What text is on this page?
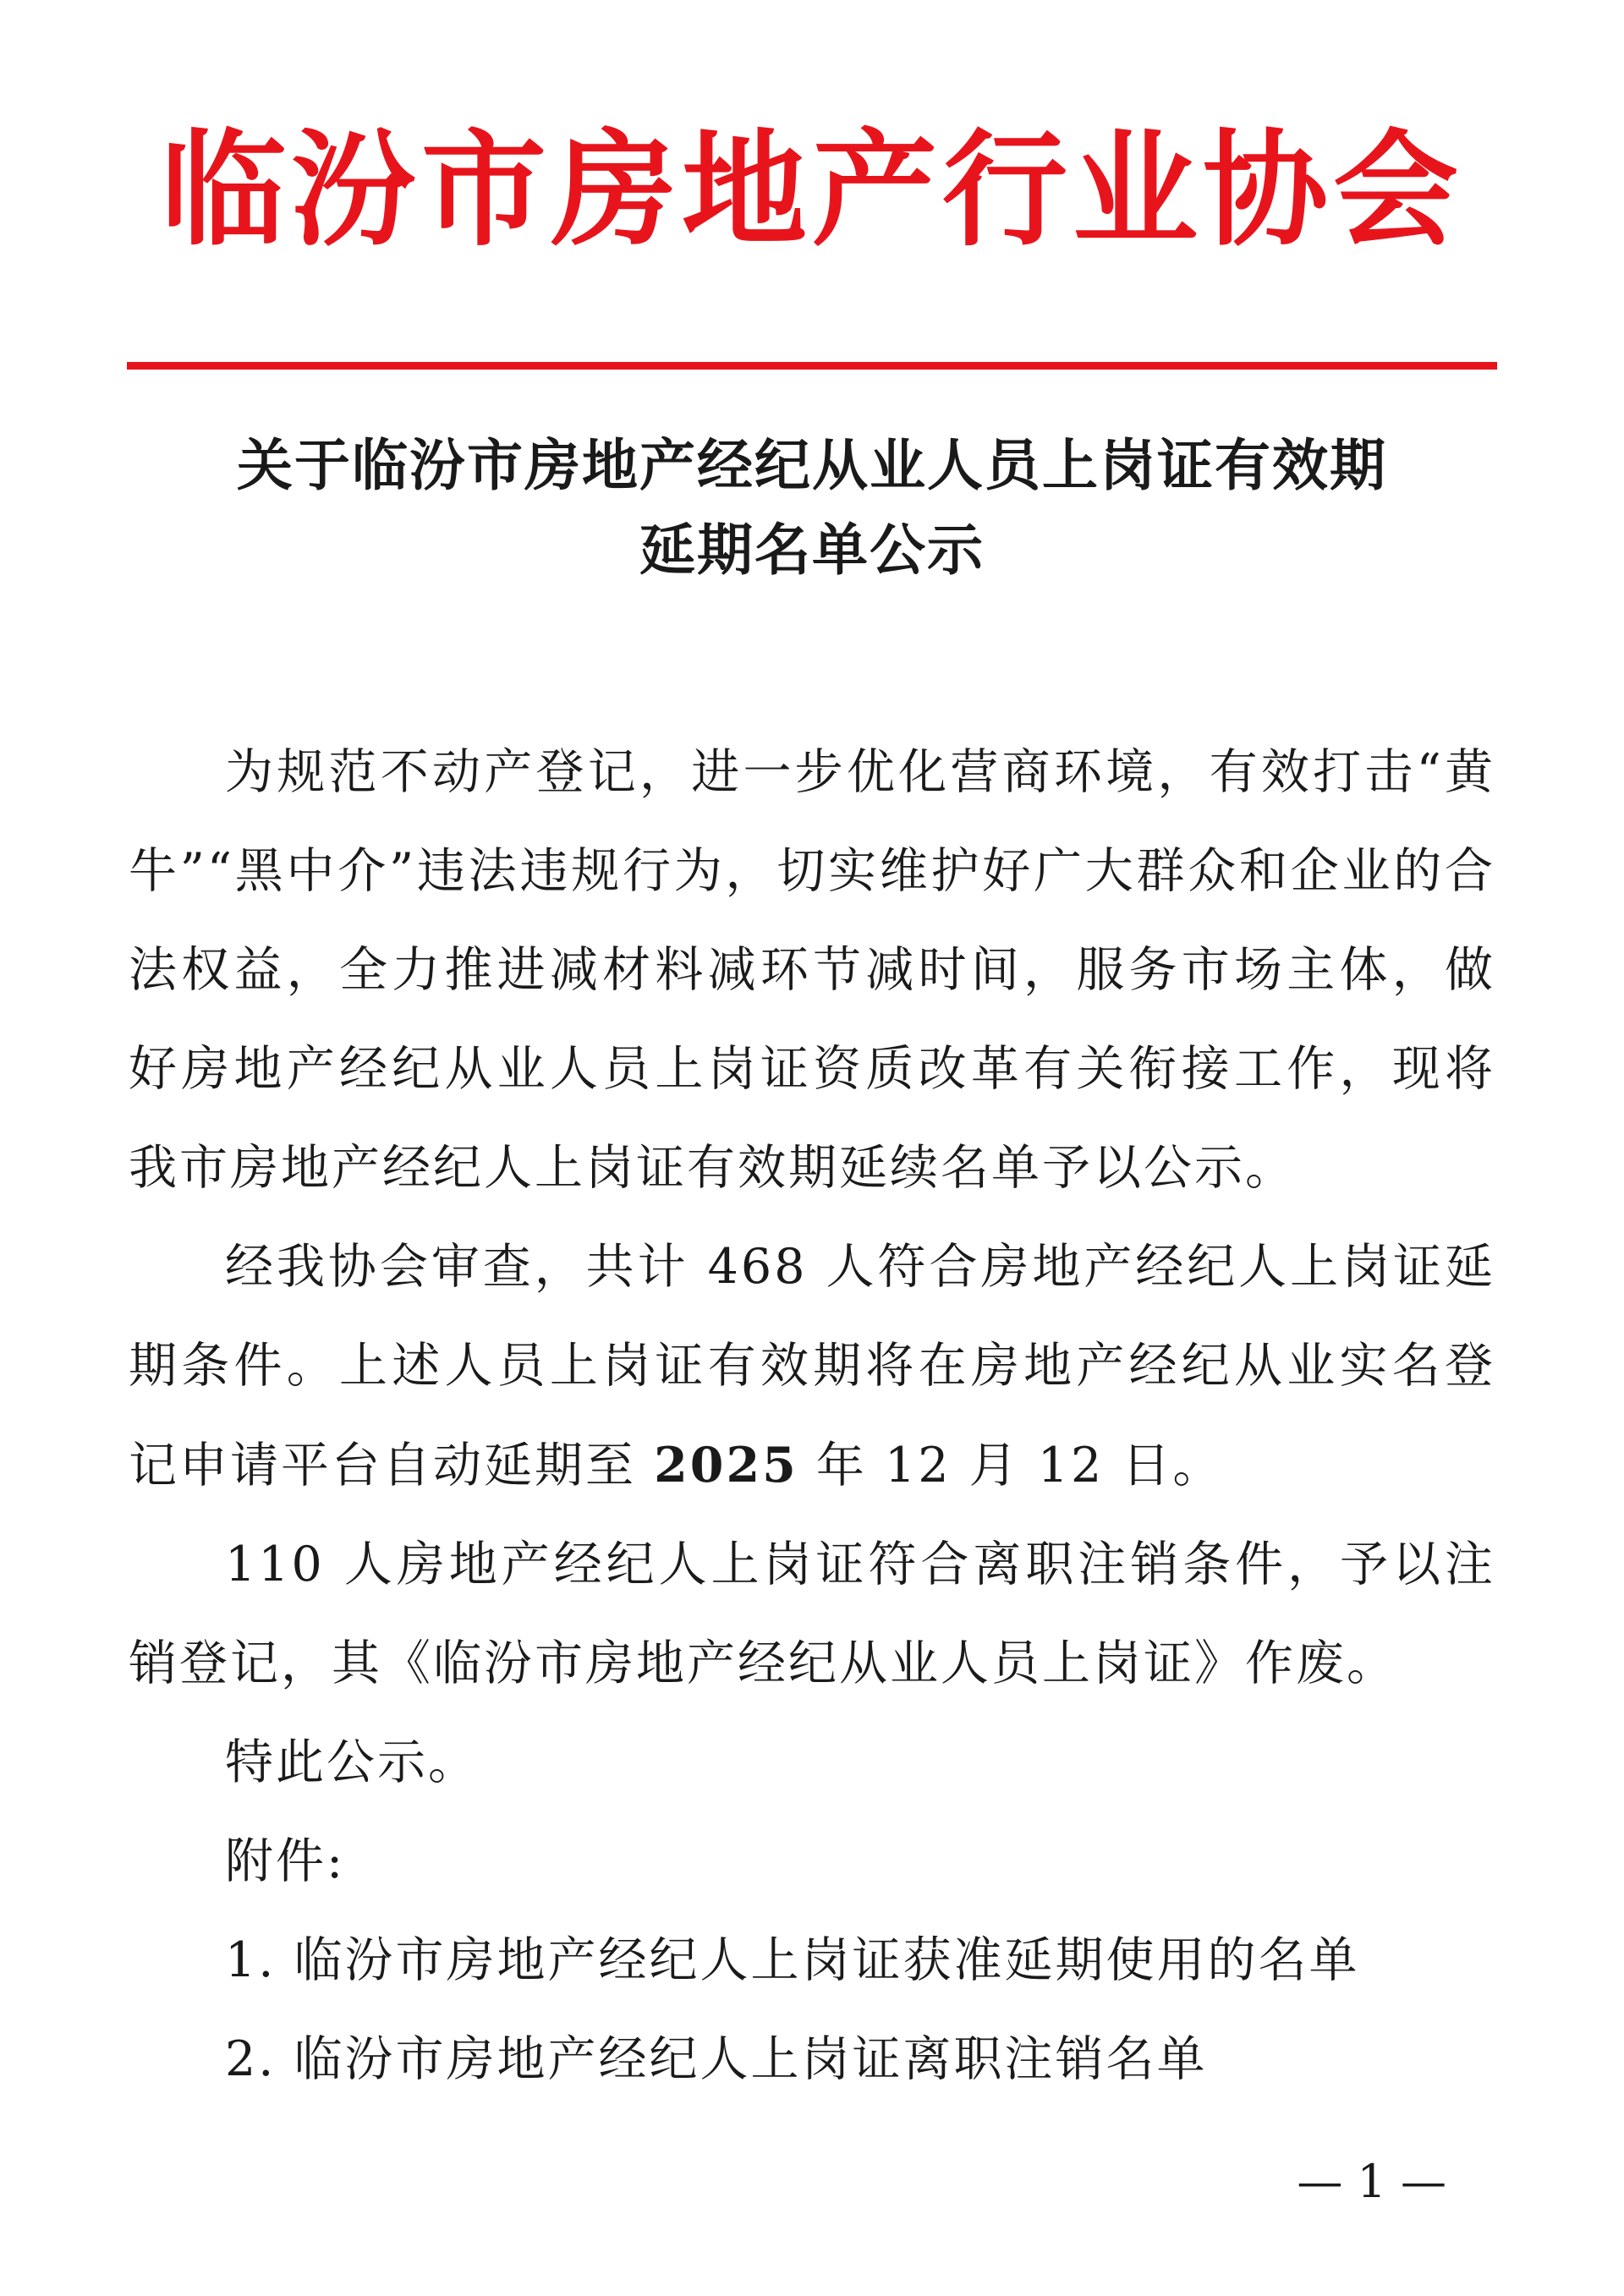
临汾市房地产行业协会
关于临汾市房地产经纪从业人员上岗证有效期
延期名单公示

为规范不动产登记，进一步优化营商环境，有效打击“黄牛”“黑中介”违法违规行为，切实维护好广大群众和企业的合法权益，全力推进减材料减环节减时间，服务市场主体，做好房地产经纪从业人员上岗证资质改革有关衔接工作，现将我市房地产经纪人上岗证有效期延续名单予以公示。

经我协会审查，共计 468 人符合房地产经纪人上岗证延期条件。上述人员上岗证有效期将在房地产经纪从业实名登记申请平台自动延期至 2025 年 12 月 12 日。

110 人房地产经纪人上岗证符合离职注销条件，予以注销登记，其《临汾市房地产经纪从业人员上岗证》作废。

特此公示。

附件:

1. 临汾市房地产经纪人上岗证获准延期使用的名单

2. 临汾市房地产经纪人上岗证离职注销名单

— 1 —
